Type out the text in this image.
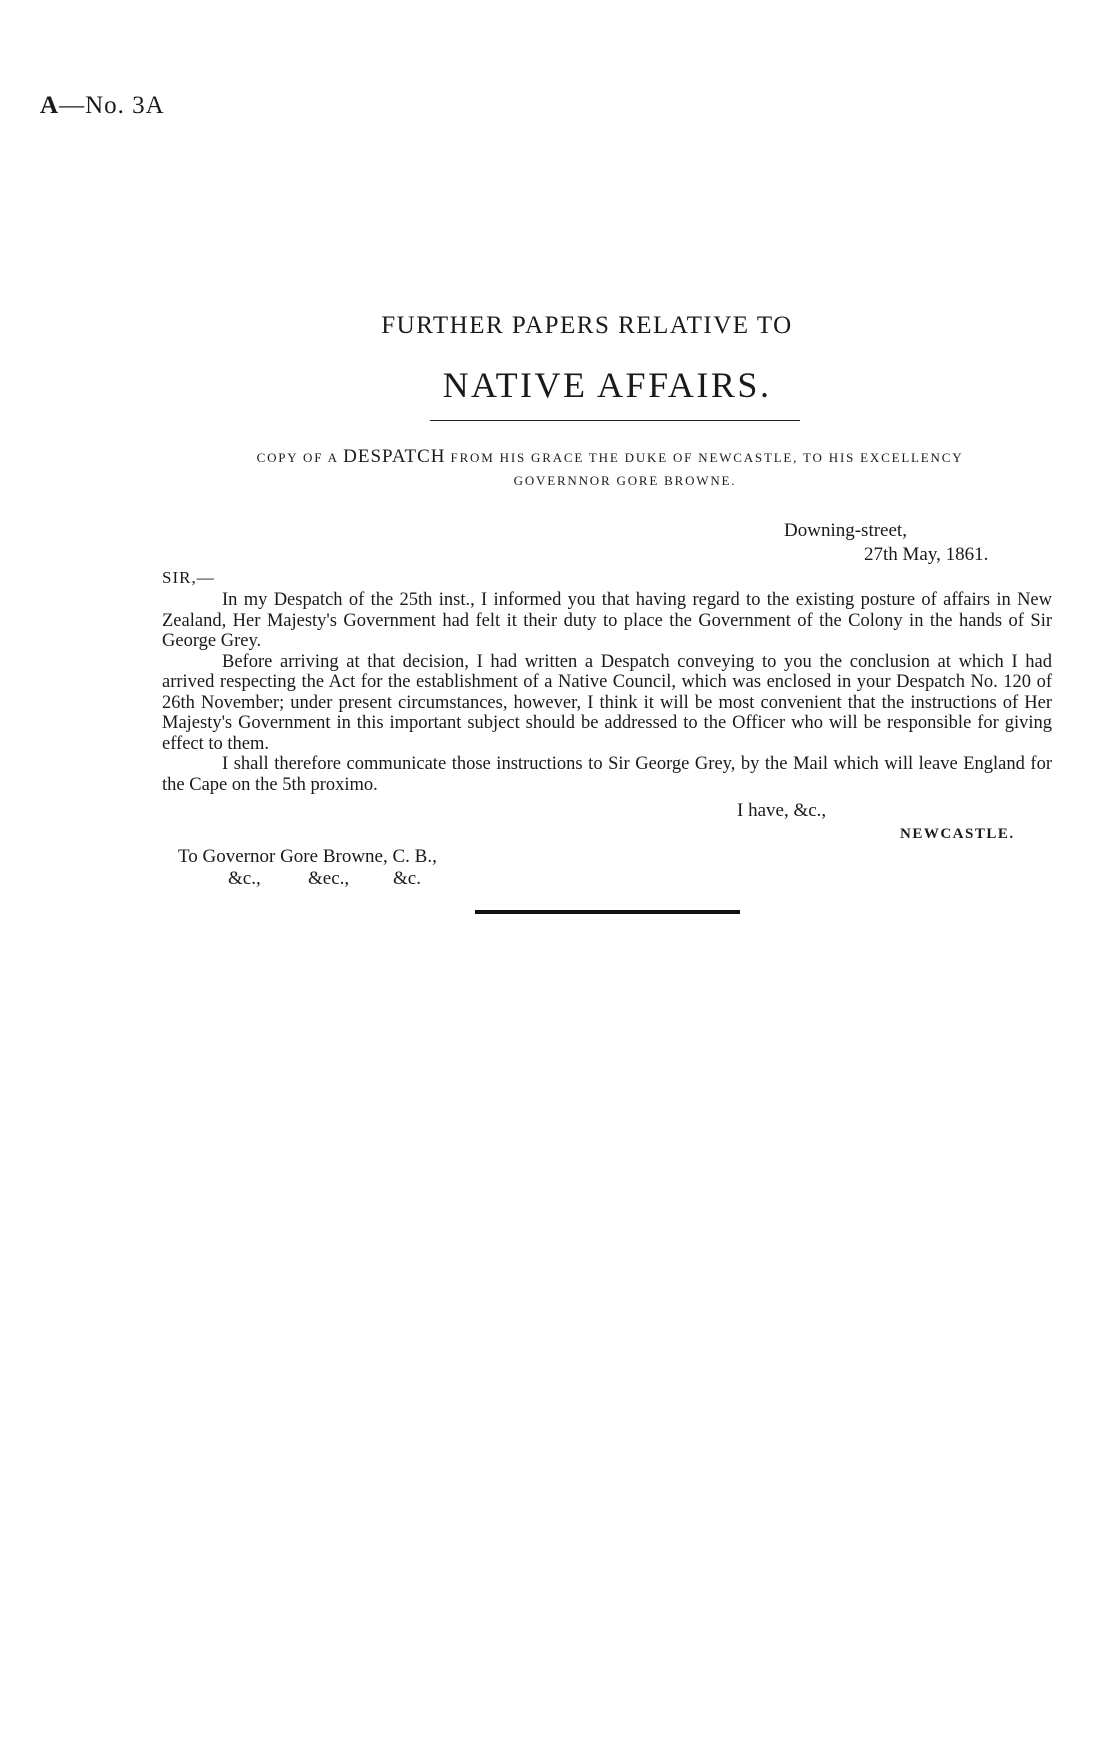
A—No. 3A
FURTHER PAPERS RELATIVE TO
NATIVE AFFAIRS.
COPY OF A DESPATCH FROM HIS GRACE THE DUKE OF NEWCASTLE, TO HIS EXCELLENCY
GOVERNNOR GORE BROWNE.
Downing-street,
27th May, 1861.
SIR,—

In my Despatch of the 25th inst., I informed you that having regard to the existing posture of affairs in New Zealand, Her Majesty's Government had felt it their duty to place the Government of the Colony in the hands of Sir George Grey.

Before arriving at that decision, I had written a Despatch conveying to you the conclusion at which I had arrived respecting the Act for the establishment of a Native Council, which was enclosed in your Despatch No. 120 of 26th November; under present circumstances, however, I think it will be most convenient that the instructions of Her Majesty's Government in this important subject should be addressed to the Officer who will be responsible for giving effect to them.

I shall therefore communicate those instructions to Sir George Grey, by the Mail which will leave England for the Cape on the 5th proximo.

I have, &c.,
NEWCASTLE.
To Governor Gore Browne, C. B.,
&c., &ec., &c.
